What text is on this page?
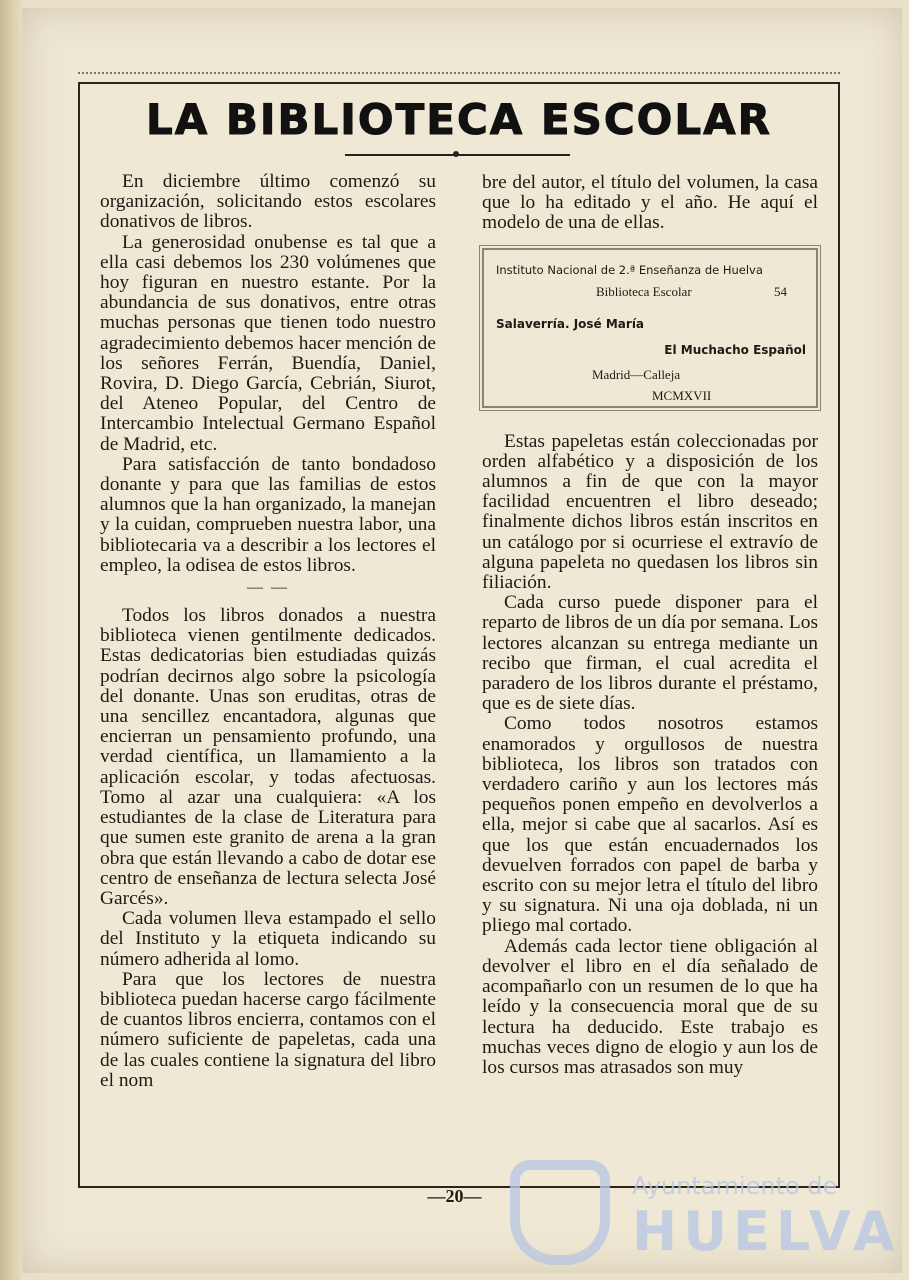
LA BIBLIOTECA ESCOLAR

En diciembre último comenzó su organización, solicitando estos escolares donativos de libros.

La generosidad onubense es tal que a ella casi debemos los 230 volúmenes que hoy figuran en nuestro estante. Por la abundancia de sus donativos, entre otras muchas personas que tienen todo nuestro agradecimiento debemos hacer mención de los señores Ferrán, Buendía, Daniel, Rovira, D. Diego García, Cebrián, Siurot, del Ateneo Popular, del Centro de Intercambio Intelectual Germano Español de Madrid, etc.

Para satisfacción de tanto bondadoso donante y para que las familias de estos alumnos que la han organizado, la manejan y la cuidan, comprueben nuestra labor, una bibliotecaria va a describir a los lectores el empleo, la odisea de estos libros.

— —

Todos los libros donados a nuestra biblioteca vienen gentilmente dedicados. Estas dedicatorias bien estudiadas quizás podrían decirnos algo sobre la psicología del donante. Unas son eruditas, otras de una sencillez encantadora, algunas que encierran un pensamiento profundo, una verdad científica, un llamamiento a la aplicación escolar, y todas afectuosas. Tomo al azar una cualquiera: «A los estudiantes de la clase de Literatura para que sumen este granito de arena a la gran obra que están llevando a cabo de dotar ese centro de enseñanza de lectura selecta José Garcés».

Cada volumen lleva estampado el sello del Instituto y la etiqueta indicando su número adherida al lomo.

Para que los lectores de nuestra biblioteca puedan hacerse cargo fácilmente de cuantos libros encierra, contamos con el número suficiente de papeletas, cada una de las cuales contiene la signatura del libro el nom

bre del autor, el título del volumen, la casa que lo ha editado y el año. He aquí el modelo de una de ellas.

Instituto Nacional de 2.ª Enseñanza de Huelva
Biblioteca Escolar	54
Salaverría. José María
El Muchacho Español
Madrid—Calleja
MCMXVII

Estas papeletas están coleccionadas por orden alfabético y a disposición de los alumnos a fin de que con la mayor facilidad encuentren el libro deseado; finalmente dichos libros están inscritos en un catálogo por si ocurriese el extravío de alguna papeleta no quedasen los libros sin filiación.

Cada curso puede disponer para el reparto de libros de un día por semana. Los lectores alcanzan su entrega mediante un recibo que firman, el cual acredita el paradero de los libros durante el préstamo, que es de siete días.

Como todos nosotros estamos enamorados y orgullosos de nuestra biblioteca, los libros son tratados con verdadero cariño y aun los lectores más pequeños ponen empeño en devolverlos a ella, mejor si cabe que al sacarlos. Así es que los que están encuadernados los devuelven forrados con papel de barba y escrito con su mejor letra el título del libro y su signatura. Ni una oja doblada, ni un pliego mal cortado.

Además cada lector tiene obligación al devolver el libro en el día señalado de acompañarlo con un resumen de lo que ha leído y la consecuencia moral que de su lectura ha deducido. Este trabajo es muchas veces digno de elogio y aun los de los cursos mas atrasados son muy

—20—	Ayuntamiento de
HUELVA
